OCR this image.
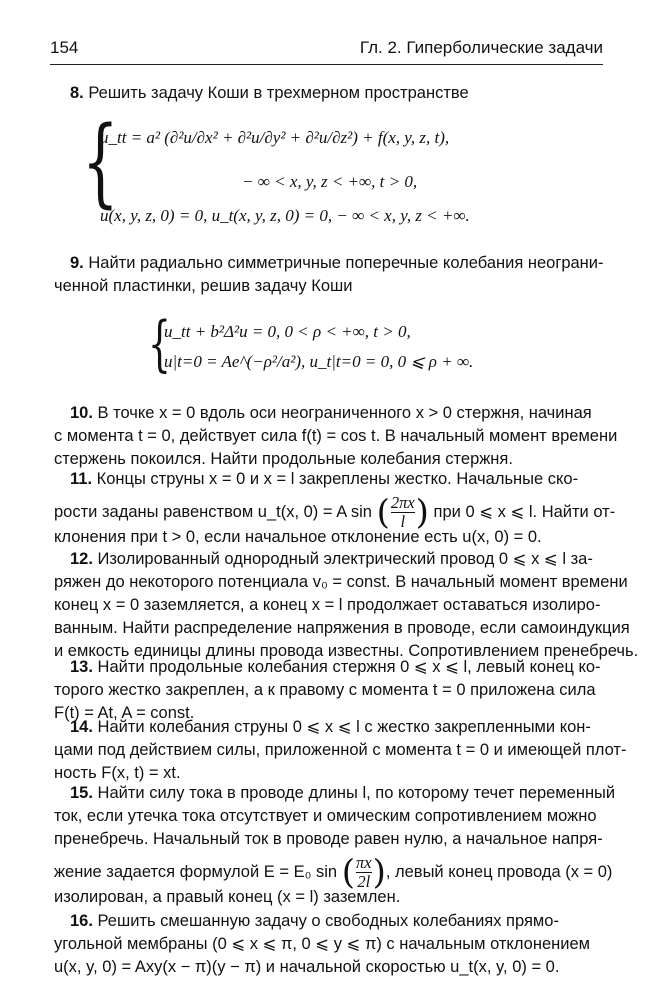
154	Гл. 2. Гиперболические задачи
8. Решить задачу Коши в трехмерном пространстве
{
u_tt = a² (∂²u/∂x² + ∂²u/∂y² + ∂²u/∂z²) + f(x, y, z, t),
− ∞ < x, y, z < +∞, t > 0,
u(x, y, z, 0) = 0, u_t(x, y, z, 0) = 0, − ∞ < x, y, z < +∞.
9. Найти радиально симметричные поперечные колебания неограни-
ченной пластинки, решив задачу Коши
{
u_tt + b²Δ²u = 0, 0 < ρ < +∞, t > 0,
u|t=0 = Ae^(−ρ²/a²), u_t|t=0 = 0, 0 ⩽ ρ + ∞.
10. В точке x = 0 вдоль оси неограниченного x > 0 стержня, начиная
с момента t = 0, действует сила f(t) = cos t. В начальный момент времени
стержень покоился. Найти продольные колебания стержня.
11. Концы струны x = 0 и x = l закреплены жестко. Начальные ско-
рости заданы равенством u_t(x, 0) = A sin ( $\frac{2\pi x}{l}$ ) при 0 ⩽ x ⩽ l. Найти от-
клонения при t > 0, если начальное отклонение есть u(x, 0) = 0.
12. Изолированный однородный электрический провод 0 ⩽ x ⩽ l за-
ряжен до некоторого потенциала v₀ = const. В начальный момент времени
конец x = 0 заземляется, а конец x = l продолжает оставаться изолиро-
ванным. Найти распределение напряжения в проводе, если самоиндукция
и емкость единицы длины провода известны. Сопротивлением пренебречь.
13. Найти продольные колебания стержня 0 ⩽ x ⩽ l, левый конец ко-
торого жестко закреплен, а к правому с момента t = 0 приложена сила
F(t) = At, A = const.
14. Найти колебания струны 0 ⩽ x ⩽ l с жестко закрепленными кон-
цами под действием силы, приложенной с момента t = 0 и имеющей плот-
ность F(x, t) = xt.
15. Найти силу тока в проводе длины l, по которому течет переменный
ток, если утечка тока отсутствует и омическим сопротивлением можно
пренебречь. Начальный ток в проводе равен нулю, а начальное напря-
жение задается формулой E = E₀ sin ( $\frac{\pi x}{2l}$ ), левый конец провода (x = 0)
изолирован, а правый конец (x = l) заземлен.
16. Решить смешанную задачу о свободных колебаниях прямо-
угольной мембраны (0 ⩽ x ⩽ π, 0 ⩽ y ⩽ π) с начальным отклонением
u(x, y, 0) = Axy(x − π)(y − π) и начальной скоростью u_t(x, y, 0) = 0.
